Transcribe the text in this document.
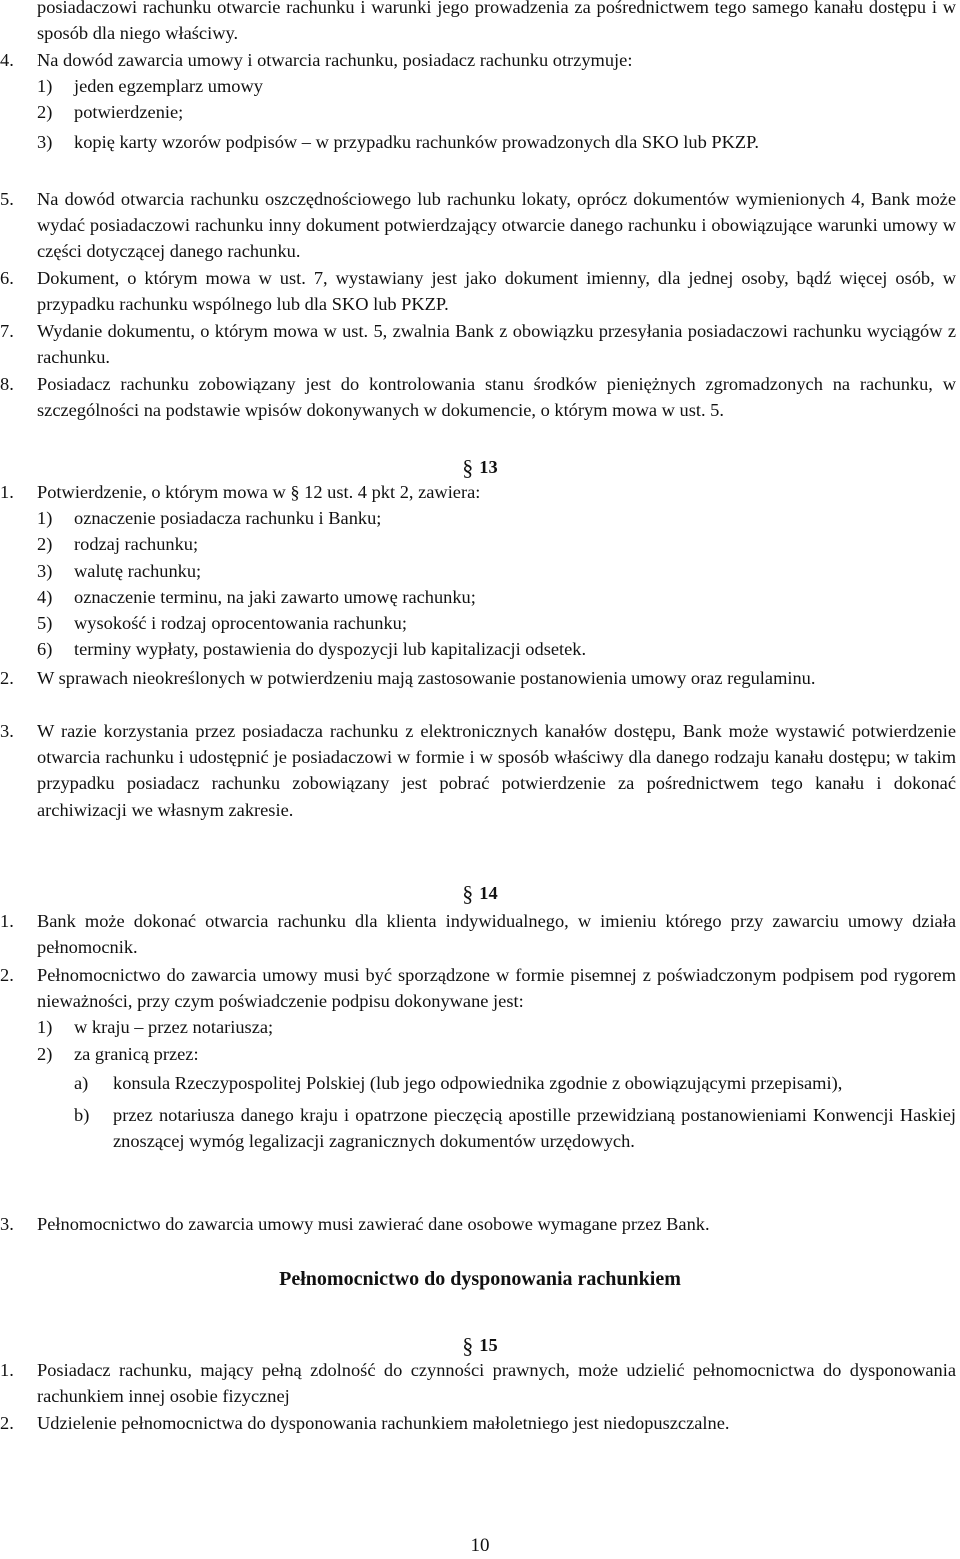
posiadaczowi rachunku otwarcie rachunku i warunki jego prowadzenia za pośrednictwem tego samego kanału dostępu i w sposób dla niego właściwy.
4. Na dowód zawarcia umowy i otwarcia rachunku, posiadacz rachunku otrzymuje:
1) jeden egzemplarz umowy
2) potwierdzenie;
3) kopię karty wzorów podpisów – w przypadku rachunków prowadzonych dla SKO lub PKZP.
5. Na dowód otwarcia rachunku oszczędnościowego lub rachunku lokaty, oprócz dokumentów wymienionych 4, Bank może wydać posiadaczowi rachunku inny dokument potwierdzający otwarcie danego rachunku i obowiązujące warunki umowy w części dotyczącej danego rachunku.
6. Dokument, o którym mowa w ust. 7, wystawiany jest jako dokument imienny, dla jednej osoby, bądź więcej osób, w przypadku rachunku wspólnego lub dla SKO lub PKZP.
7. Wydanie dokumentu, o którym mowa w ust. 5, zwalnia Bank z obowiązku przesyłania posiadaczowi rachunku wyciągów z rachunku.
8. Posiadacz rachunku zobowiązany jest do kontrolowania stanu środków pieniężnych zgromadzonych na rachunku, w szczególności na podstawie wpisów dokonywanych w dokumencie, o którym mowa w ust. 5.
§ 13
1. Potwierdzenie, o którym mowa w § 12 ust. 4 pkt 2, zawiera:
1) oznaczenie posiadacza rachunku i Banku;
2) rodzaj rachunku;
3) walutę rachunku;
4) oznaczenie terminu, na jaki zawarto umowę rachunku;
5) wysokość i rodzaj oprocentowania rachunku;
6) terminy wypłaty, postawienia do dyspozycji lub kapitalizacji odsetek.
2. W sprawach nieokreślonych w potwierdzeniu mają zastosowanie postanowienia umowy oraz regulaminu.
3. W razie korzystania przez posiadacza rachunku z elektronicznych kanałów dostępu, Bank może wystawić potwierdzenie otwarcia rachunku i udostępnić je posiadaczowi w formie i w sposób właściwy dla danego rodzaju kanału dostępu; w takim przypadku posiadacz rachunku zobowiązany jest pobrać potwierdzenie za pośrednictwem tego kanału i dokonać archiwizacji we własnym zakresie.
§ 14
1. Bank może dokonać otwarcia rachunku dla klienta indywidualnego, w imieniu którego przy zawarciu umowy działa pełnomocnik.
2. Pełnomocnictwo do zawarcia umowy musi być sporządzone w formie pisemnej z poświadczonym podpisem pod rygorem nieważności, przy czym poświadczenie podpisu dokonywane jest:
1) w kraju – przez notariusza;
2) za granicą przez:
a) konsula Rzeczypospolitej Polskiej (lub jego odpowiednika zgodnie z obowiązującymi przepisami),
b) przez notariusza danego kraju i opatrzone pieczęcią apostille przewidzianą postanowieniami Konwencji Haskiej znoszącej wymóg legalizacji zagranicznych dokumentów urzędowych.
3. Pełnomocnictwo do zawarcia umowy musi zawierać dane osobowe wymagane przez Bank.
Pełnomocnictwo do dysponowania rachunkiem
§ 15
1. Posiadacz rachunku, mający pełną zdolność do czynności prawnych, może udzielić pełnomocnictwa do dysponowania rachunkiem innej osobie fizycznej
2. Udzielenie pełnomocnictwa do dysponowania rachunkiem małoletniego jest niedopuszczalne.
10
